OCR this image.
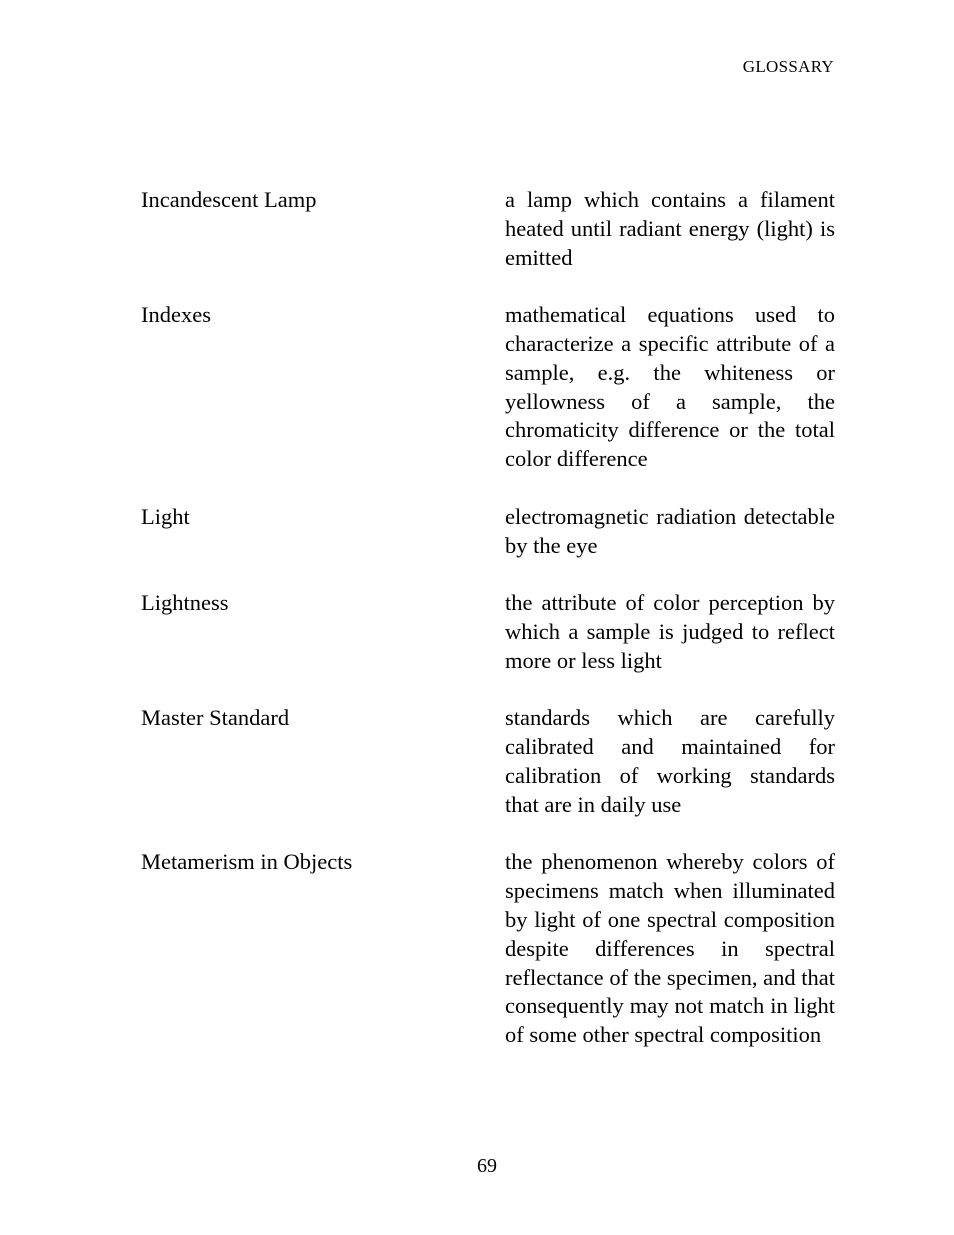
GLOSSARY
Incandescent Lamp	a lamp which contains a filament heated until radiant energy (light) is emitted
Indexes	mathematical equations used to characterize a specific attribute of a sample, e.g. the whiteness or yellowness of a sample, the chromaticity difference or the total color difference
Light	electromagnetic radiation detectable by the eye
Lightness	the attribute of color perception by which a sample is judged to reflect more or less light
Master Standard	standards which are carefully calibrated and maintained for calibration of working standards that are in daily use
Metamerism in Objects	the phenomenon whereby colors of specimens match when illuminated by light of one spectral composition despite differences in spectral reflectance of the specimen, and that consequently may not match in light of some other spectral composition
69
